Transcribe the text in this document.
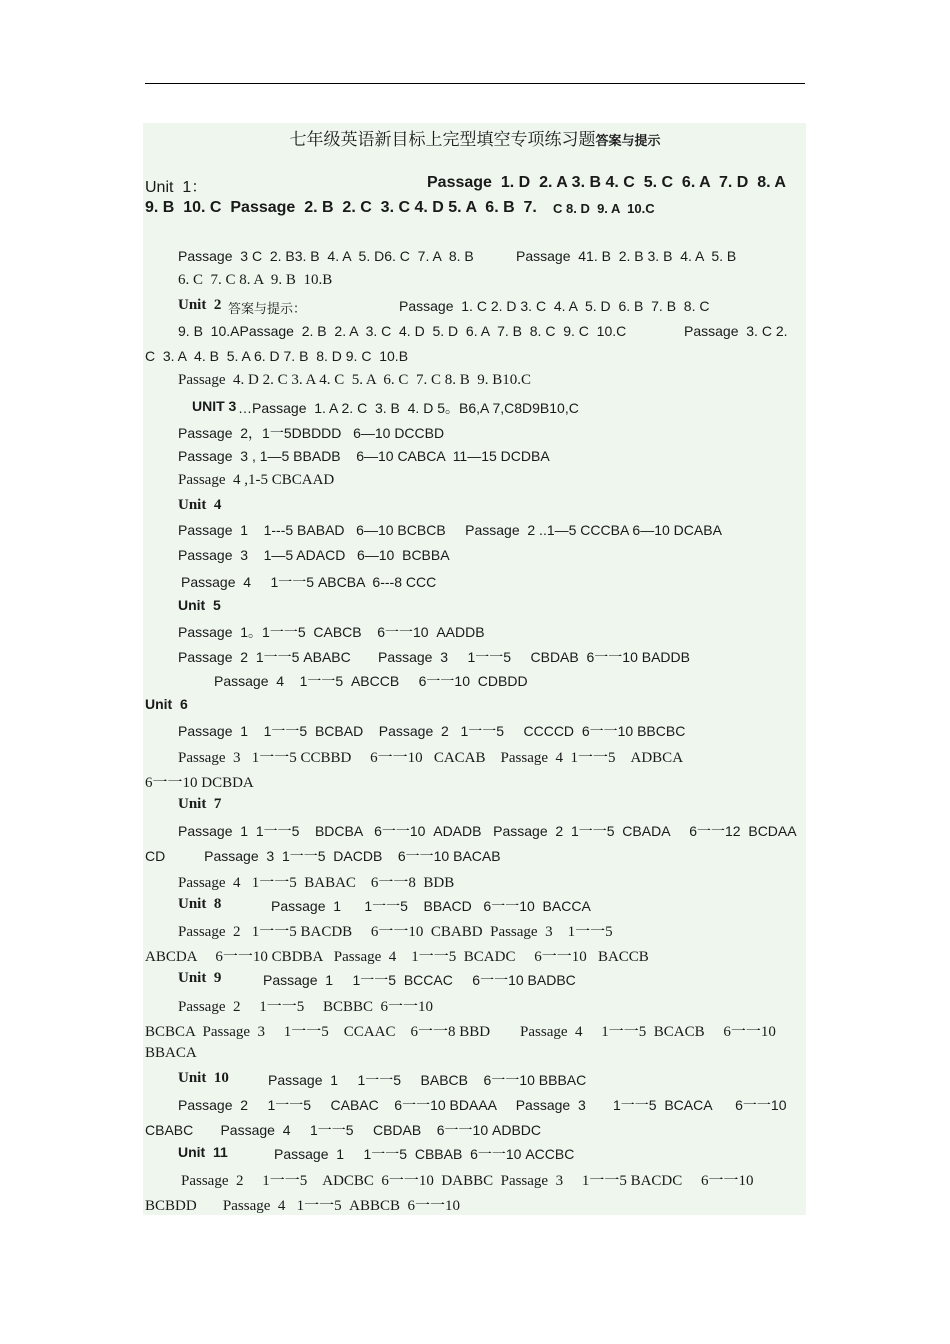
七年级英语新目标上完型填空专项练习题答案与提示
Unit  1：	Passage  1. D  2. A 3. B 4. C  5. C  6. A  7. D  8. A
9. B  10. C  Passage  2. B  2. C  3. C 4. D 5. A  6. B  7. C 8. D  9. A  10.C
Passage  3 C  2. B3. B  4. A  5. D6. C  7. A  8. B	Passage  41. B  2. B 3. B  4. A  5. B
6. C  7. C 8. A  9. B  10.B
Unit  2 答案与提示：	Passage  1. C 2. D 3. C  4. A  5. D  6. B  7. B  8. C
9. B  10.APassage  2. B  2. A  3. C  4. D  5. D  6. A  7. B  8. C  9. C  10.C	Passage  3. C 2.
C  3. A  4. B  5. A 6. D 7. B  8. D 9. C  10.B
Passage  4. D 2. C 3. A 4. C  5. A  6. C  7. C 8. B  9. B10.C
UNIT 3 …Passage  1. A 2. C  3. B  4. D 5。B6,A 7,C8D9B10,C
Passage  2，1一5DBDDD   6—10 DCCBD
Passage  3 , 1—5 BBADB    6—10 CABCA  11—15 DCDBA
Passage  4 ,1-5 CBCAAD
Unit  4
Passage  1    1---5 BABAD   6—10 BCBCB     Passage  2 ..1—5 CCCBA 6—10 DCABA
Passage  3    1—5 ADACD   6—10  BCBBA
Passage  4     1一一5 ABCBA  6---8 CCC
Unit  5
Passage  1。1一一5  CABCB    6一一10  AADDB
Passage  2  1一一5 ABABC       Passage  3     1一一5     CBDAB  6一一10 BADDB
Passage  4    1一一5  ABCCB     6一一10  CDBDD
Unit  6
Passage  1    1一一5  BCBAD    Passage  2   1一一5     CCCCD  6一一10 BBCBC
Passage  3   1一一5 CCBBD     6一一10   CACAB    Passage  4  1一一5    ADBCA
6一一10 DCBDA
Unit  7
Passage  1  1一一5    BDCBA   6一一10  ADADB   Passage  2  1一一5  CBADA     6一一12  BCDAA
CD          Passage  3  1一一5  DACDB    6一一10 BACAB
Passage  4   1一一5  BABAC    6一一8  BDB
Unit  8	Passage  1      1一一5    BBACD   6一一10  BACCA
Passage  2   1一一5 BACDB     6一一10  CBABD  Passage  3    1一一5
ABCDA     6一一10 CBDBA   Passage  4    1一一5  BCADC     6一一10   BACCB
Unit  9	Passage  1     1一一5  BCCAC     6一一10 BADBC
Passage  2     1一一5     BCBBC  6一一10
BCBCA  Passage  3     1一一5    CCAAC    6一一8 BBD        Passage  4     1一一5  BCACB     6一一10
BBACA
Unit  10	Passage  1     1一一5     BABCB    6一一10 BBBAC
Passage  2     1一一5     CABAC    6一一10 BDAAA     Passage  3       1一一5  BCACA      6一一10
CBABC       Passage  4     1一一5     CBDAB    6一一10 ADBDC
Unit  11	Passage  1     1一一5  CBBAB  6一一10 ACCBC
Passage  2     1一一5    ADCBC  6一一10  DABBC  Passage  3     1一一5 BACDC     6一一10
BCBDD       Passage  4   1一一5  ABBCB  6一一10
